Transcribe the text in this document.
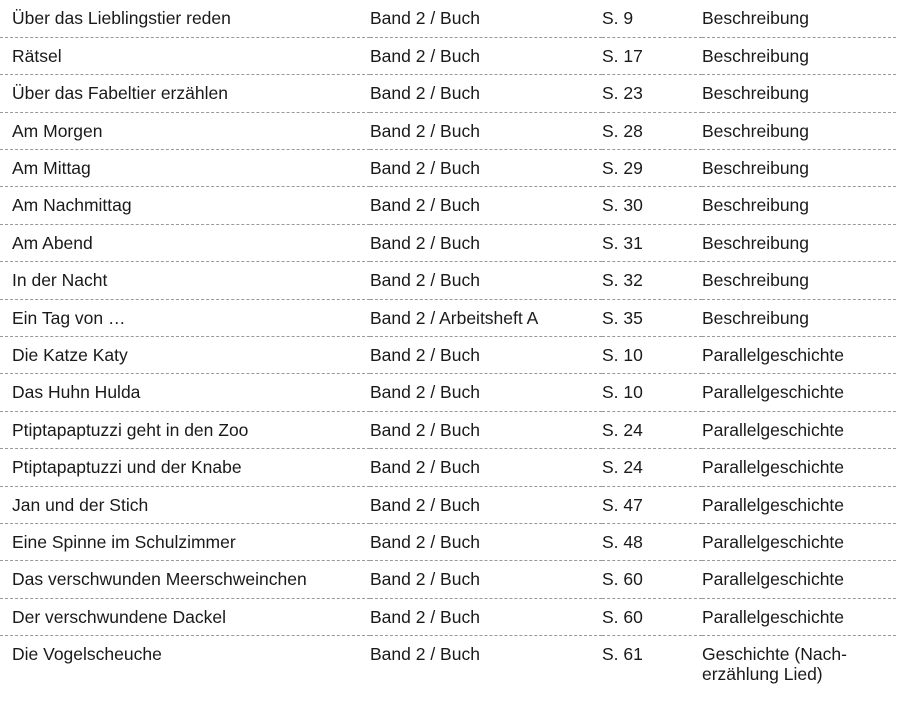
Über das Lieblingstier reden	Band 2 / Buch	S. 9	Beschreibung
Rätsel	Band 2 / Buch	S. 17	Beschreibung
Über das Fabeltier erzählen	Band 2 / Buch	S. 23	Beschreibung
Am Morgen	Band 2 / Buch	S. 28	Beschreibung
Am Mittag	Band 2 / Buch	S. 29	Beschreibung
Am Nachmittag	Band 2 / Buch	S. 30	Beschreibung
Am Abend	Band 2 / Buch	S. 31	Beschreibung
In der Nacht	Band 2 / Buch	S. 32	Beschreibung
Ein Tag von …	Band 2 / Arbeitsheft A	S. 35	Beschreibung
Die Katze Katy	Band 2 / Buch	S. 10	Parallelgeschichte
Das Huhn Hulda	Band 2 / Buch	S. 10	Parallelgeschichte
Ptiptapaptuzzi geht in den Zoo	Band 2 / Buch	S. 24	Parallelgeschichte
Ptiptapaptuzzi und der Knabe	Band 2 / Buch	S. 24	Parallelgeschichte
Jan und der Stich	Band 2 / Buch	S. 47	Parallelgeschichte
Eine Spinne im Schulzimmer	Band 2 / Buch	S. 48	Parallelgeschichte
Das verschwunden Meerschweinchen	Band 2 / Buch	S. 60	Parallelgeschichte
Der verschwundene Dackel	Band 2 / Buch	S. 60	Parallelgeschichte
Die Vogelscheuche	Band 2 / Buch	S. 61	Geschichte (Nach-
erzählung Lied)
